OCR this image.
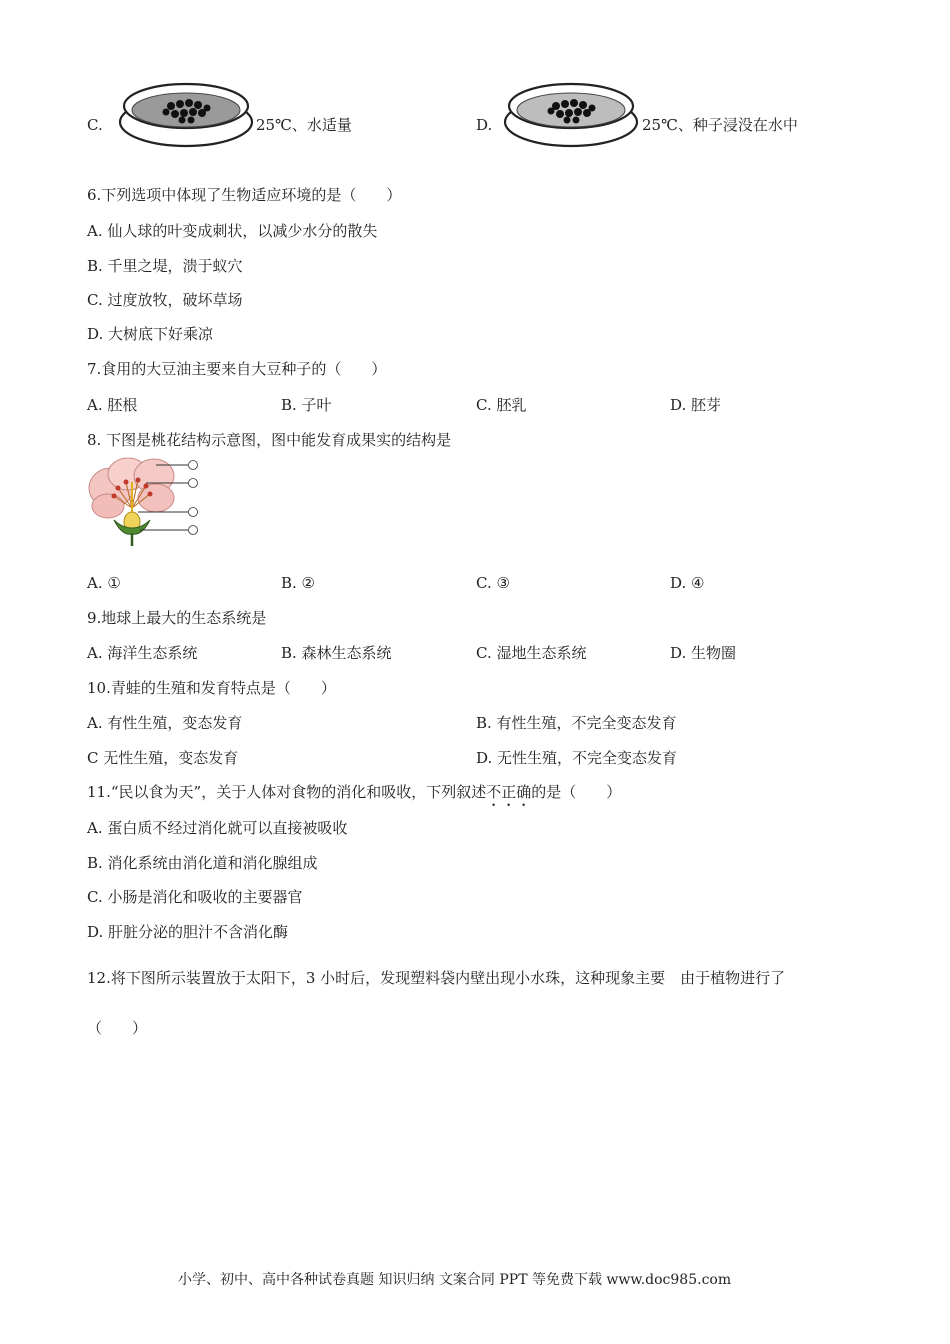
C.	25℃、水适量	D.	25℃、种子浸没在水中
6.下列选项中体现了生物适应环境的是（　　）
A. 仙人球的叶变成刺状，以减少水分的散失
B. 千里之堤，溃于蚁穴
C. 过度放牧，破坏草场
D. 大树底下好乘凉
7.食用的大豆油主要来自大豆种子的（　　）
A. 胚根	B. 子叶	C. 胚乳	D. 胚芽
8. 下图是桃花结构示意图，图中能发育成果实的结构是
A. ①	B. ②	C. ③	D. ④
9.地球上最大的生态系统是
A. 海洋生态系统	B. 森林生态系统	C. 湿地生态系统	D. 生物圈
10.青蛙的生殖和发育特点是（　　）
A. 有性生殖，变态发育	B. 有性生殖，不完全变态发育
C 无性生殖，变态发育	D. 无性生殖，不完全变态发育
11.“民以食为天”，关于人体对食物的消化和吸收，下列叙述不正确的是（　　）
A. 蛋白质不经过消化就可以直接被吸收
B. 消化系统由消化道和消化腺组成
C. 小肠是消化和吸收的主要器官
D. 肝脏分泌的胆汁不含消化酶
12.将下图所示装置放于太阳下，3 小时后，发现塑料袋内壁出现小水珠，这种现象主要　由于植物进行了
（　　）
小学、初中、高中各种试卷真题 知识归纳 文案合同 PPT 等免费下载 www.doc985.com
